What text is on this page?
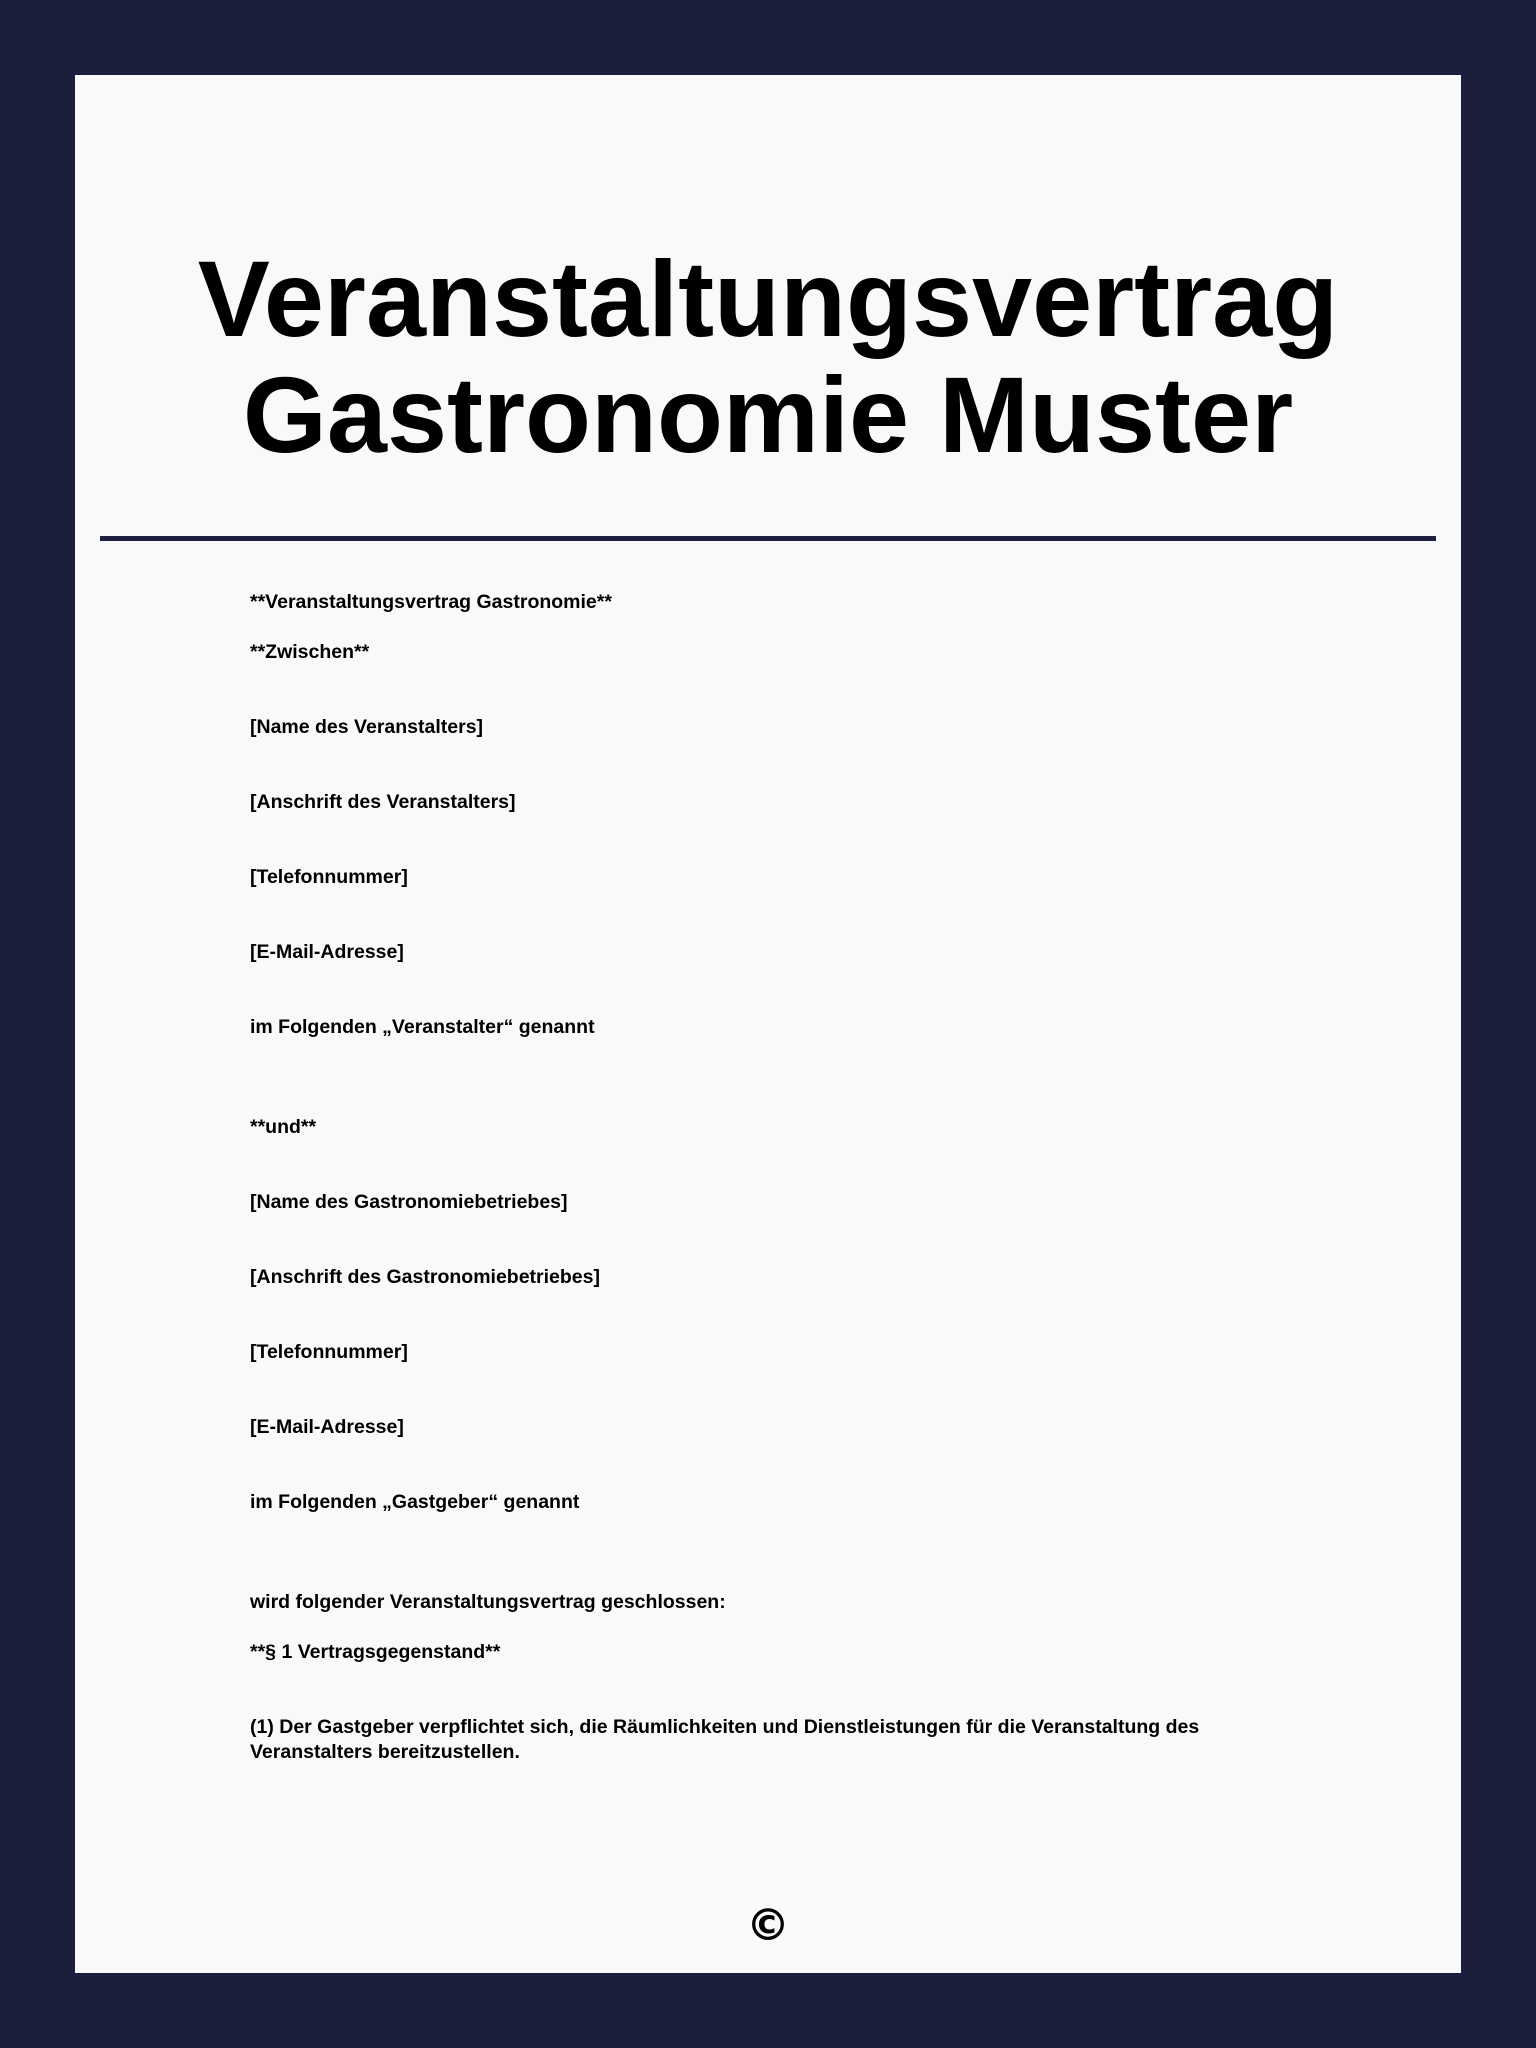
Veranstaltungsvertrag
Gastronomie Muster

**Veranstaltungsvertrag Gastronomie**

**Zwischen**

[Name des Veranstalters]

[Anschrift des Veranstalters]

[Telefonnummer]

[E-Mail-Adresse]

im Folgenden „Veranstalter“ genannt

**und**

[Name des Gastronomiebetriebes]

[Anschrift des Gastronomiebetriebes]

[Telefonnummer]

[E-Mail-Adresse]

im Folgenden „Gastgeber“ genannt

wird folgender Veranstaltungsvertrag geschlossen:

**§ 1 Vertragsgegenstand**

(1) Der Gastgeber verpflichtet sich, die Räumlichkeiten und Dienstleistungen für die Veranstaltung des Veranstalters bereitzustellen.

©
